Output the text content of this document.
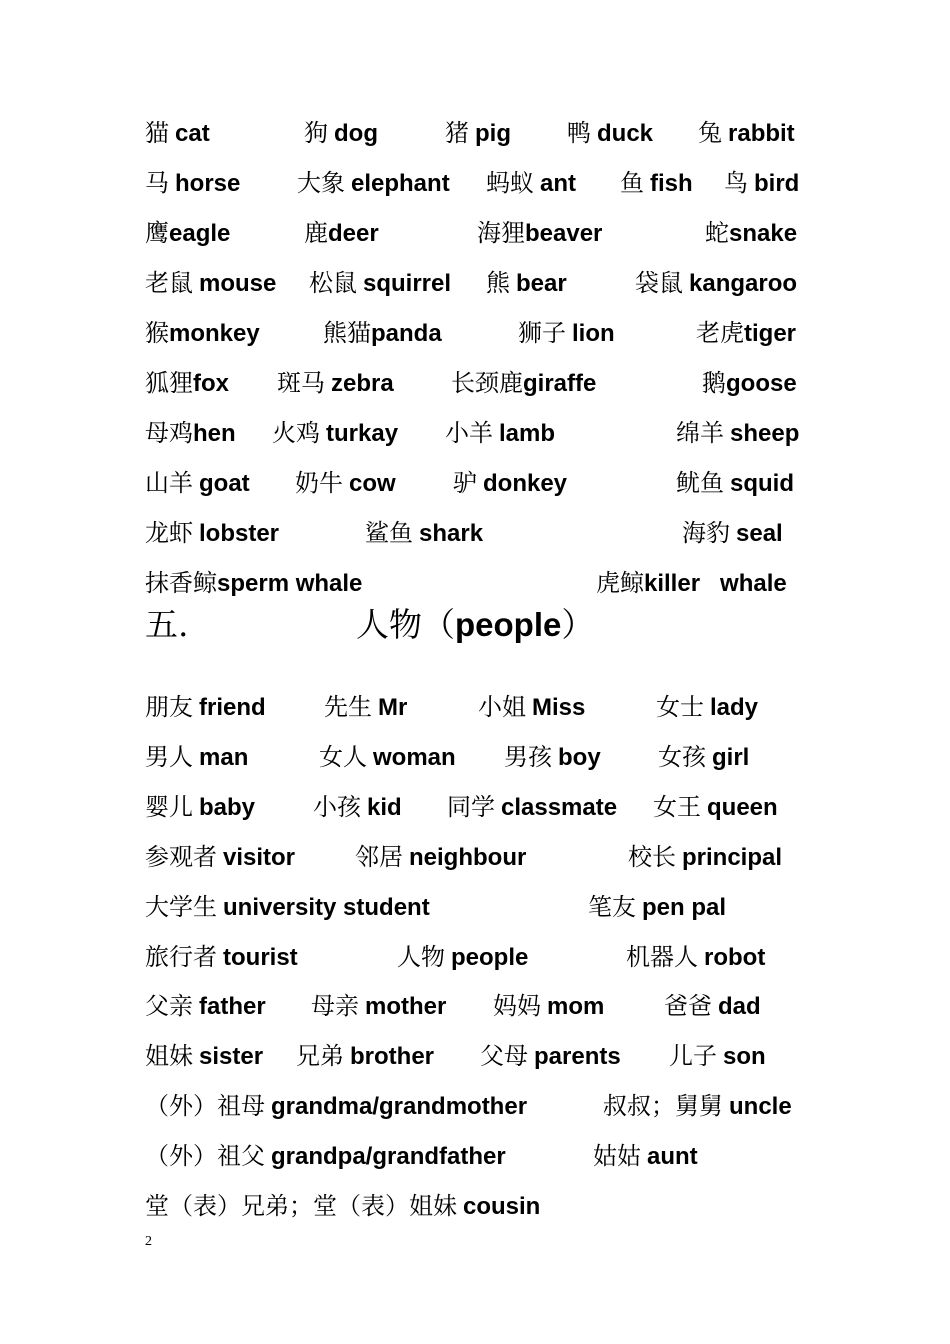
猫 cat	狗 dog	猪 pig 鸭 duck 兔 rabbit
马 horse 大象 elephant 蚂蚁 ant 鱼 fish 鸟 bird
鹰eagle	鹿deer	海狸beaver	蛇snake
老鼠 mouse 松鼠 squirrel 熊 bear	袋鼠 kangaroo
猴monkey	熊猫panda	狮子 lion	老虎tiger
狐狸fox 斑马 zebra 长颈鹿giraffe	鹅goose
母鸡hen 火鸡 turkay 小羊 lamb	绵羊 sheep
山羊 goat 奶牛 cow 驴 donkey	鱿鱼 squid
龙虾 lobster	鲨鱼 shark	海豹 seal
抹香鲸sperm whale	虎鲸killer   whale
五.	人物（people）
朋友 friend 先生 Mr	小姐 Miss	女士 lady
男人 man	女人 woman 男孩 boy 女孩 girl
婴儿 baby 小孩 kid 同学 classmate 女王 queen
参观者 visitor 邻居 neighbour	校长 principal
大学生 university student	笔友 pen pal
旅行者 tourist	人物 people	机器人 robot
父亲 father 母亲 mother 妈妈 mom 爸爸 dad
姐妹 sister 兄弟 brother 父母 parents 儿子 son
（外）祖母 grandma/grandmother	叔叔；舅舅 uncle
（外）祖父 grandpa/grandfather	姑姑 aunt
堂（表）兄弟；堂（表）姐妹 cousin
2
